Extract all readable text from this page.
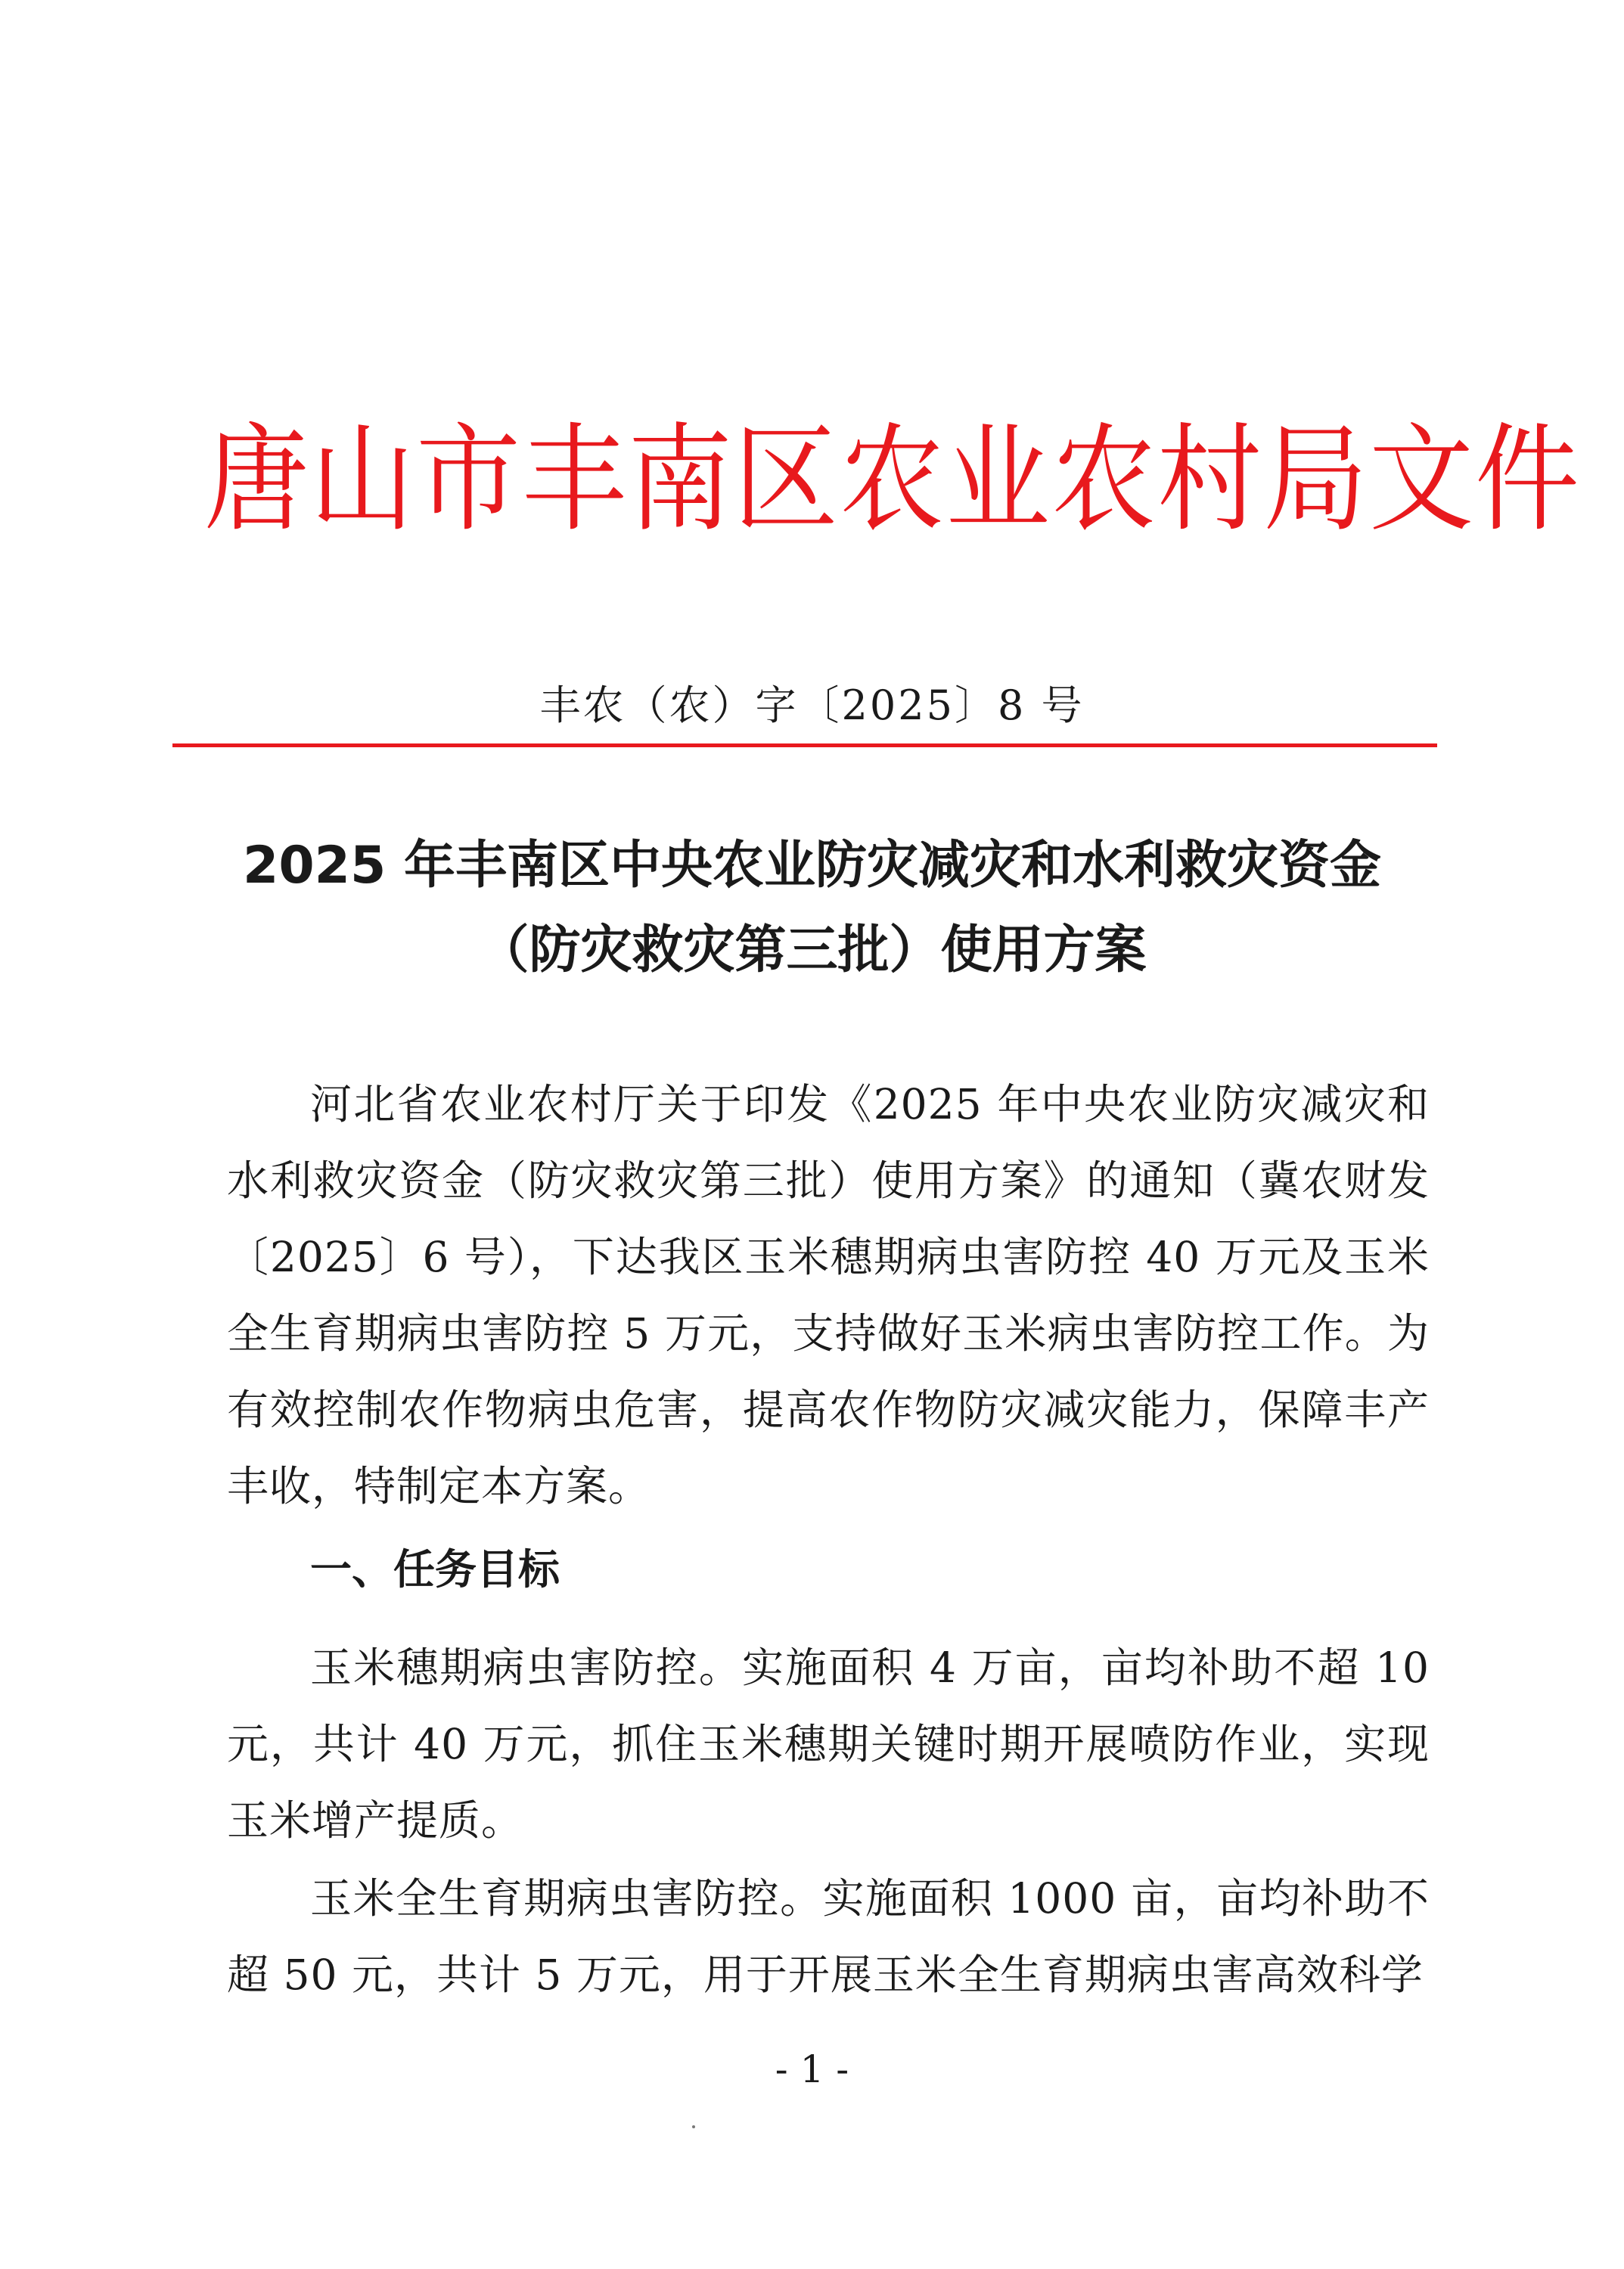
唐山市丰南区农业农村局文件
丰农（农）字〔2025〕8 号
2025 年丰南区中央农业防灾减灾和水利救灾资金
（防灾救灾第三批）使用方案
河北省农业农村厅关于印发《2025 年中央农业防灾减灾和水利救灾资金（防灾救灾第三批）使用方案》的通知（冀农财发〔2025〕6 号），下达我区玉米穗期病虫害防控 40 万元及玉米全生育期病虫害防控 5 万元，支持做好玉米病虫害防控工作。为有效控制农作物病虫危害，提高农作物防灾减灾能力，保障丰产丰收，特制定本方案。
一、任务目标
玉米穗期病虫害防控。实施面积 4 万亩，亩均补助不超 10 元，共计 40 万元，抓住玉米穗期关键时期开展喷防作业，实现玉米增产提质。
玉米全生育期病虫害防控。实施面积 1000 亩，亩均补助不超 50 元，共计 5 万元，用于开展玉米全生育期病虫害高效科学
- 1 -
